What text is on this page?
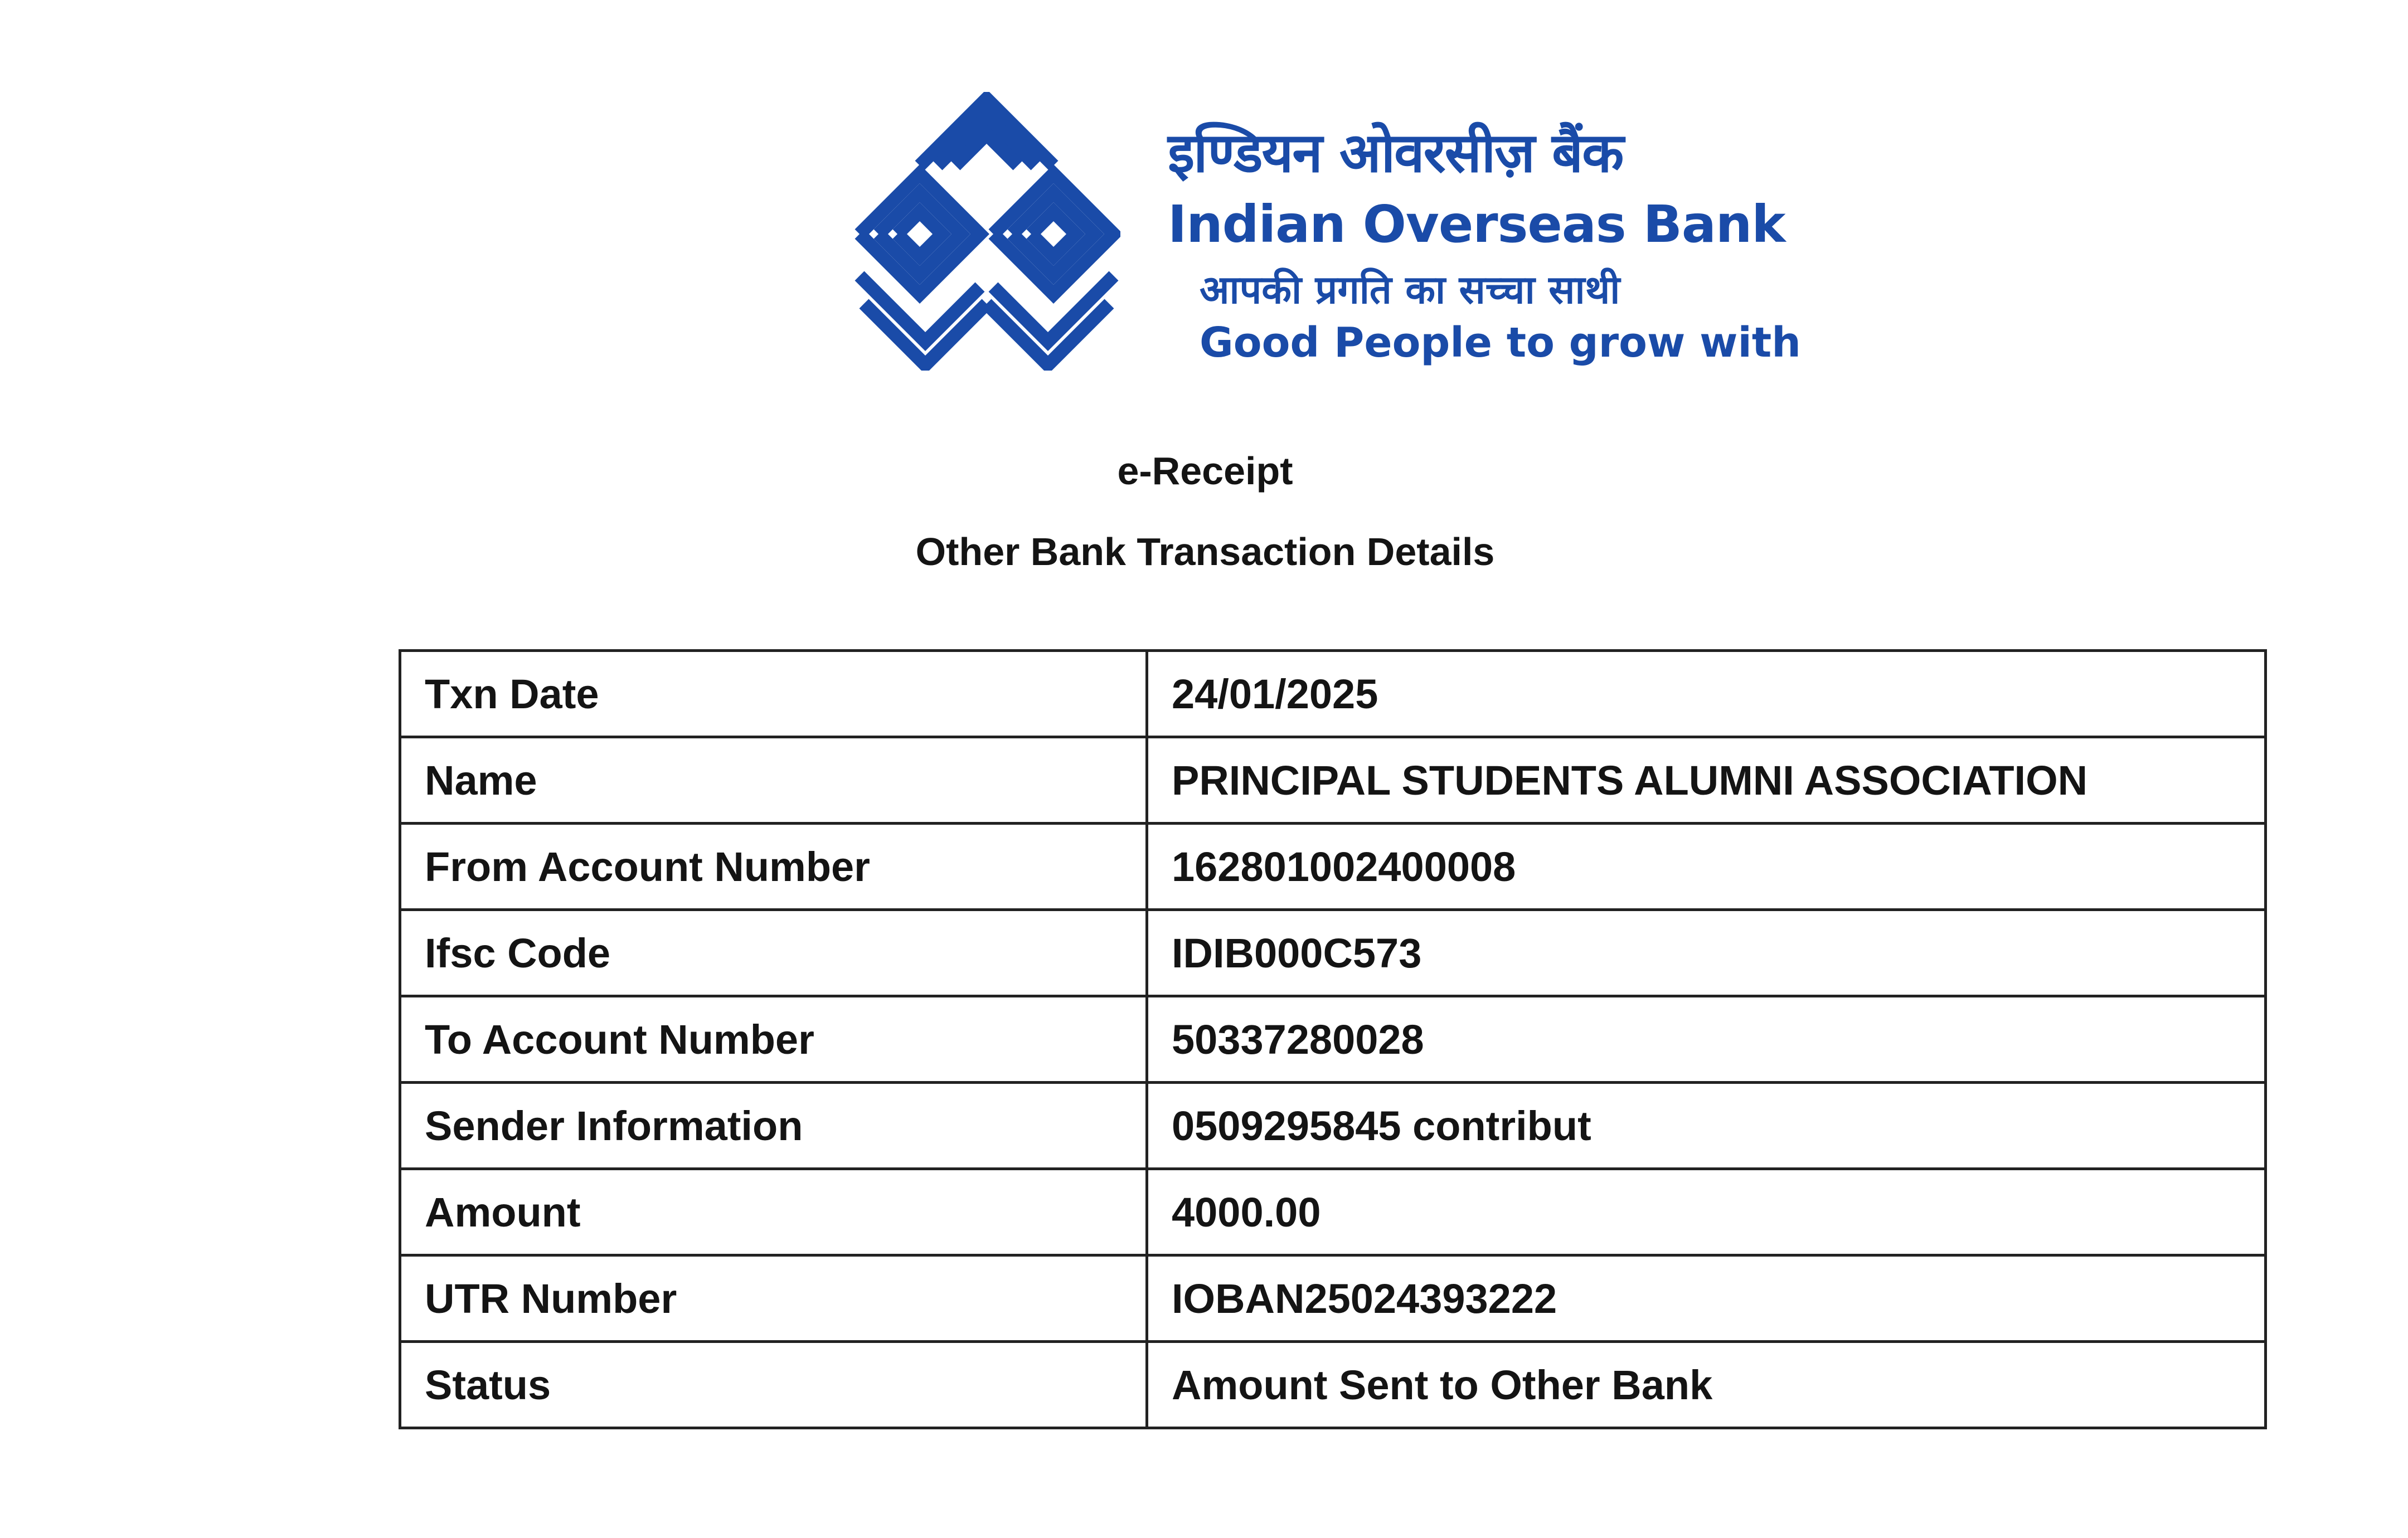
इण्डियन ओवरसीज़ बैंक
Indian Overseas Bank
आपकी प्रगति का सच्चा साथी
Good People to grow with
e-Receipt
Other Bank Transaction Details
Txn Date	24/01/2025
Name	PRINCIPAL STUDENTS ALUMNI ASSOCIATION
From Account Number	162801002400008
Ifsc Code	IDIB000C573
To Account Number	50337280028
Sender Information	0509295845 contribut
Amount	4000.00
UTR Number	IOBAN25024393222
Status	Amount Sent to Other Bank
